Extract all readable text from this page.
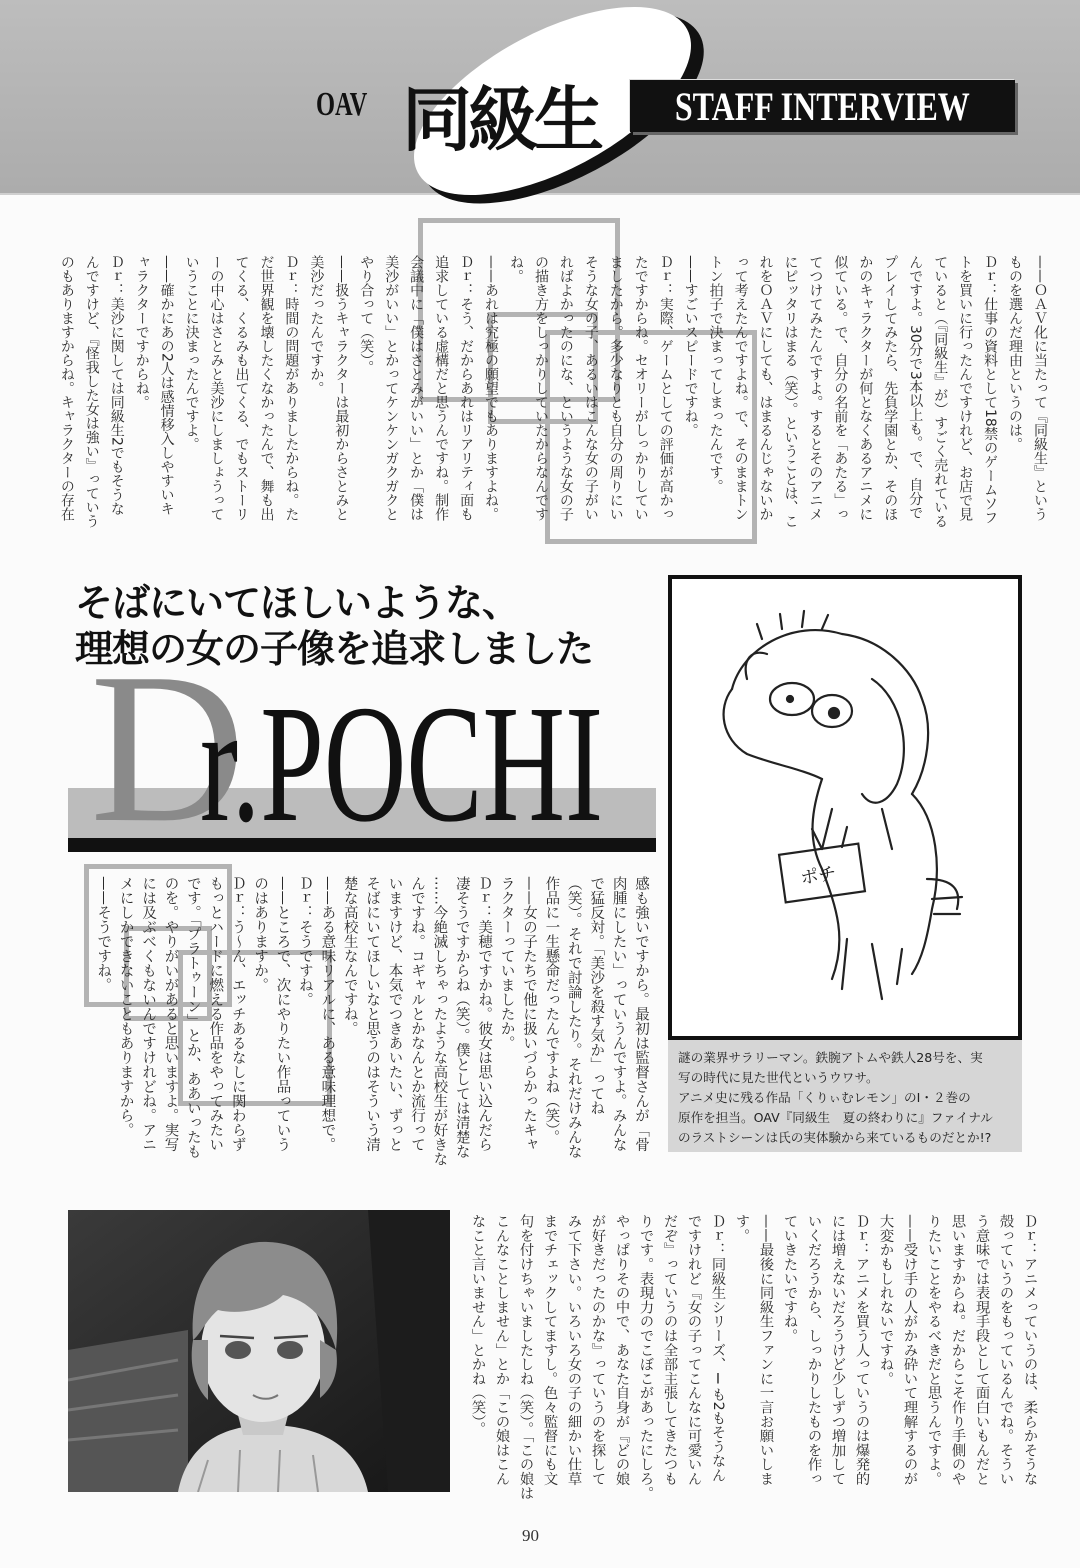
OAV 同級生 STAFF INTERVIEW
——ＯＡＶ化に当たって『同級生』という
ものを選んだ理由というのは。
Ｄｒ：仕事の資料として18禁のゲームソフ
トを買いに行ったんですけれど、お店で見
ていると（『同級生』が）すごく売れている
んですよ。30分で3本以上も。で、自分で
プレイしてみたら、先負学園とか、そのほ
かのキャラクターが何となくあるアニメに
似ている。で、自分の名前を「あたる」っ
てつけてみたんですよ。するとそのアニメ
にピッタリはまる（笑）。ということは、こ
れをＯＡＶにしても、はまるんじゃないか
って考えたんですよね。で、そのままトン
トン拍子で決まってしまったんです。
——すごいスピードですね。
Ｄｒ：実際、ゲームとしての評価が高かっ
たですからね。セオリーがしっかりしてい
ましたから。多少なりとも自分の周りにい
そうな女の子、あるいはこんな女の子がい
ればよかったのにな、というような女の子
の描き方をしっかりしていたからなんです
ね。
——あれは究極の願望でもありますよね。
Ｄｒ：そう、だからあれはリアリティ面も
追求している虚構だと思うんですね。制作
会議中に「僕はさとみがいい」とか「僕は
美沙がいい」とかってケンケンガクガクと
やり合って（笑）。
——扱うキャラクターは最初からさとみと
美沙だったんですか。
Ｄｒ：時間の問題がありましたからね。た
だ世界観を壊したくなかったんで、舞も出
てくる、くるみも出てくる、でもストーリ
ーの中心はさとみと美沙にしましょうって
いうことに決まったんですよ。
——確かにあの2人は感情移入しやすいキ
ャラクターですからね。
Ｄｒ：美沙に関しては同級生2でもそうな
んですけど、『怪我した女は強い』っていう
のもありますからね。キャラクターの存在
D
r.POCHI
そばにいてほしいような、
理想の女の子像を追求しました
ポチ
謎の業界サラリーマン。鉄腕アトムや鉄人28号を、実
写の時代に見た世代というウワサ。
アニメ史に残る作品「くりぃむレモン」のⅠ・２巻の
原作を担当。OAV『同級生　夏の終わりに』ファイナル
のラストシーンは氏の実体験から来ているものだとか!?
感も強いですから。最初は監督さんが「骨
肉腫にしたい」っていうんですよ。みんな
で猛反対。「美沙を殺す気か」ってね
（笑）。それで討論したり。それだけみんな
作品に一生懸命だったんですよね（笑）。
——女の子たちで他に扱いづらかったキャ
ラクターっていましたか。
Ｄｒ：美穂ですかね。彼女は思い込んだら
凄そうですからね（笑）。僕としては清楚な
……今絶滅しちゃったような高校生が好きな
んですね。コギャルとかなんとか流行って
いますけど、本気でつきあいたい、ずっと
そばにいてほしいなと思うのはそういう清
楚な高校生なんですね。
——ある意味リアルに、ある意味理想で。
Ｄｒ：そうですね。
——ところで、次にやりたい作品っていう
のはありますか。
Ｄｒ：う～ん、エッチあるなしに関わらず
もっとハードに燃える作品をやってみたい
です。「プラトゥーン」とか、ああいったも
のを。やりがいがあると思いますよ。実写
には及ぶべくもないんですけれどね。アニ
メにしかできないこともありますから。
——そうですね。
Ｄｒ：アニメっていうのは、柔らかそうな
殻っていうのをもっているんでね。そうい
う意味では表現手段として面白いもんだと
思いますからね。だからこそ作り手側のや
りたいことをやるべきだと思うんですよ。
——受け手の人がかみ砕いて理解するのが
大変かもしれないですね。
Ｄｒ：アニメを買う人っていうのは爆発的
には増えないだろうけど少しずつ増加して
いくだろうから、しっかりしたものを作っ
ていきたいですね。
——最後に同級生ファンに一言お願いしま
す。
Ｄｒ：同級生シリーズ、Ⅰも2もそうなん
ですけれど『女の子ってこんなに可愛いん
だぞ』っていうのは全部主張してきたつも
りです。表現力のでこぼこがあったにしろ。
やっぱりその中で、あなた自身が『どの娘
が好きだったのかな』っていうのを探して
みて下さい。いろいろ女の子の細かい仕草
までチェックしてますし。色々監督にも文
句を付けちゃいましたしね（笑）。「この娘は
こんなことしません」とか「この娘はこん
なこと言いません」とかね（笑）。
90
